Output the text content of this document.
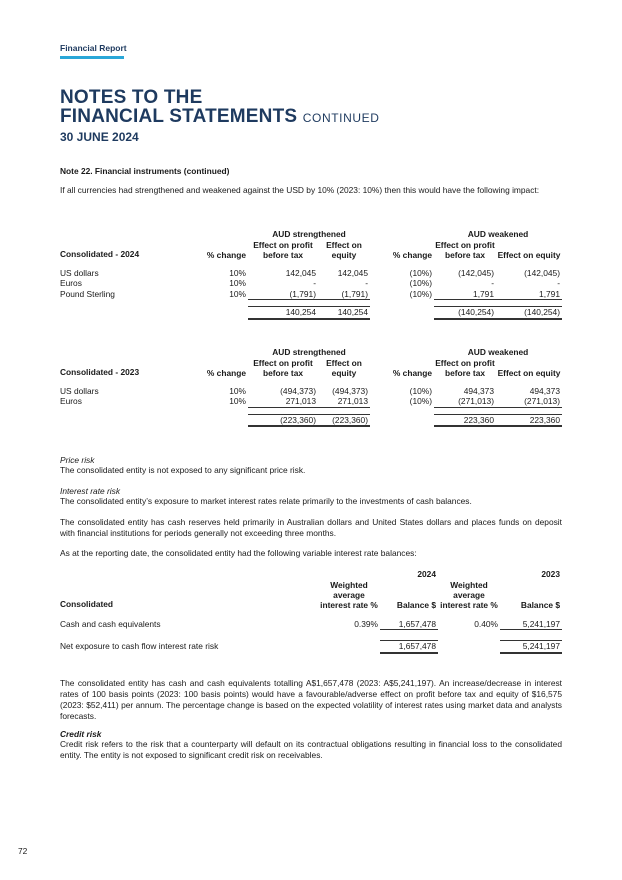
Financial Report
NOTES TO THE
FINANCIAL STATEMENTS CONTINUED
30 JUNE 2024
Note 22. Financial instruments (continued)
If all currencies had strengthened and weakened against the USD by 10% (2023: 10%) then this would have the following impact:
		AUD strengthened			AUD weakened	
Consolidated - 2024	% change	Effect on profit before tax	Effect on equity	% change	Effect on profit before tax	Effect on equity

US dollars	10%	142,045	142,045	(10%)	(142,045)	(142,045)
Euros	10%	-	-	(10%)	-	-
Pound Sterling	10%	(1,791)	(1,791)	(10%)	1,791	1,791

		140,254	140,254		(140,254)	(140,254)
		AUD strengthened			AUD weakened	
Consolidated - 2023	% change	Effect on profit before tax	Effect on equity	% change	Effect on profit before tax	Effect on equity

US dollars	10%	(494,373)	(494,373)	(10%)	494,373	494,373
Euros	10%	271,013	271,013	(10%)	(271,013)	(271,013)

		(223,360)	(223,360)		223,360	223,360
Price risk
The consolidated entity is not exposed to any significant price risk.
Interest rate risk
The consolidated entity’s exposure to market interest rates relate primarily to the investments of cash balances.
The consolidated entity has cash reserves held primarily in Australian dollars and United States dollars and places funds on deposit with financial institutions for periods generally not exceeding three months.
As at the reporting date, the consolidated entity had the following variable interest rate balances:
	2024		2023	
Consolidated	Weighted average interest rate %	Balance $	Weighted average interest rate %	Balance $

Cash and cash equivalents	0.39%	1,657,478	0.40%	5,241,197

Net exposure to cash flow interest rate risk		1,657,478		5,241,197
The consolidated entity has cash and cash equivalents totalling A$1,657,478 (2023: A$5,241,197). An increase/decrease in interest rates of 100 basis points (2023: 100 basis points) would have a favourable/adverse effect on profit before tax and equity of $16,575 (2023: $52,411) per annum. The percentage change is based on the expected volatility of interest rates using market data and analysts forecasts.
Credit risk
Credit risk refers to the risk that a counterparty will default on its contractual obligations resulting in financial loss to the consolidated entity. The entity is not exposed to significant credit risk on receivables.
72
